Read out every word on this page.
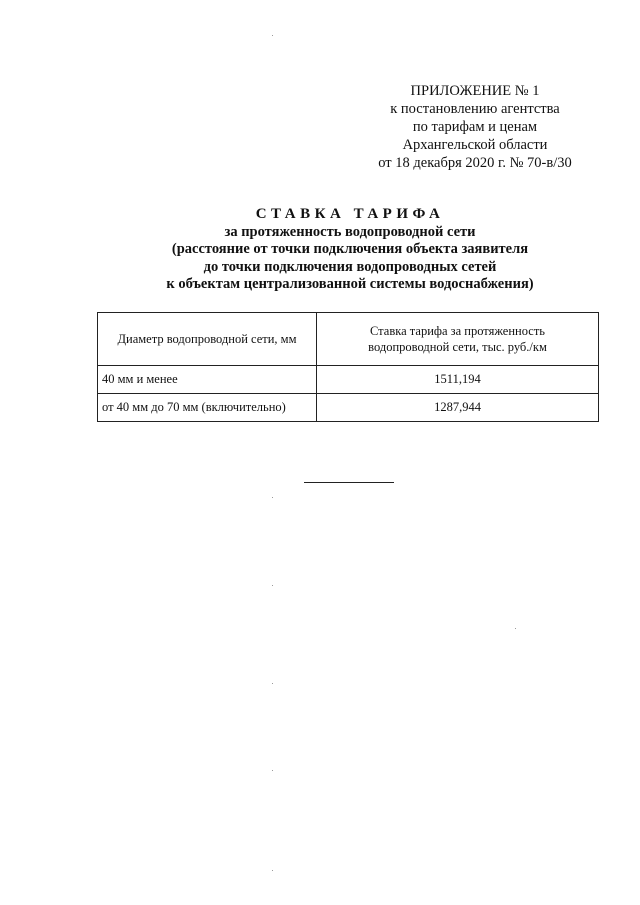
ПРИЛОЖЕНИЕ № 1
к постановлению агентства
по тарифам и ценам
Архангельской области
от 18 декабря 2020 г. № 70-в/30
СТАВКА ТАРИФА
за протяженность водопроводной сети
(расстояние от точки подключения объекта заявителя
до точки подключения водопроводных сетей
к объектам централизованной системы водоснабжения)
Диаметр водопроводной сети, мм	Ставка тарифа за протяженность
водопроводной сети, тыс. руб./км

40 мм и менее	1511,194
от 40 мм до 70 мм (включительно)	1287,944
